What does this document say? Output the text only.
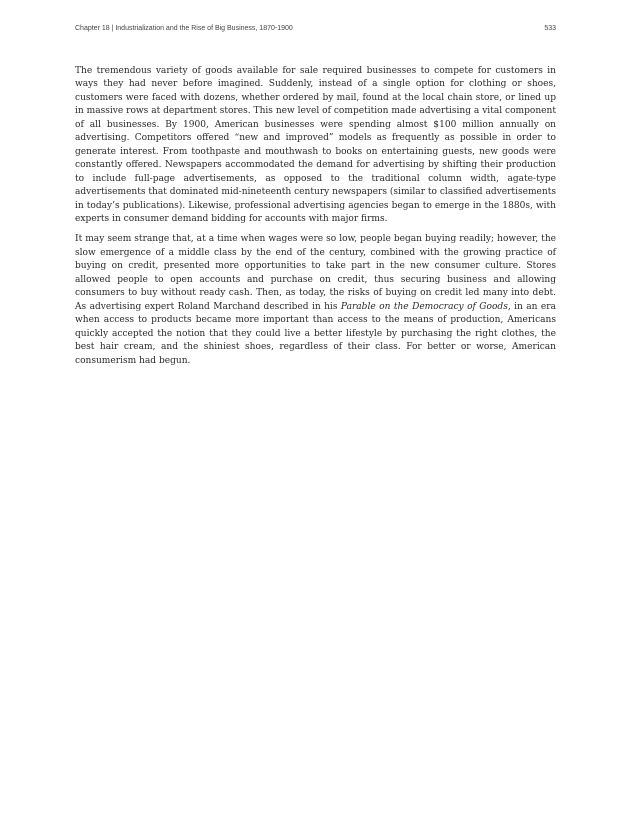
Chapter 18 | Industrialization and the Rise of Big Business, 1870-1900	533

The tremendous variety of goods available for sale required businesses to compete for customers in ways they had never before imagined. Suddenly, instead of a single option for clothing or shoes, customers were faced with dozens, whether ordered by mail, found at the local chain store, or lined up in massive rows at department stores. This new level of competition made advertising a vital component of all businesses. By 1900, American businesses were spending almost $100 million annually on advertising. Competitors offered “new and improved” models as frequently as possible in order to generate interest. From toothpaste and mouthwash to books on entertaining guests, new goods were constantly offered. Newspapers accommodated the demand for advertising by shifting their production to include full-page advertisements, as opposed to the traditional column width, agate-type advertisements that dominated mid-nineteenth century newspapers (similar to classified advertisements in today’s publications). Likewise, professional advertising agencies began to emerge in the 1880s, with experts in consumer demand bidding for accounts with major firms.

It may seem strange that, at a time when wages were so low, people began buying readily; however, the slow emergence of a middle class by the end of the century, combined with the growing practice of buying on credit, presented more opportunities to take part in the new consumer culture. Stores allowed people to open accounts and purchase on credit, thus securing business and allowing consumers to buy without ready cash. Then, as today, the risks of buying on credit led many into debt. As advertising expert Roland Marchand described in his Parable on the Democracy of Goods, in an era when access to products became more important than access to the means of production, Americans quickly accepted the notion that they could live a better lifestyle by purchasing the right clothes, the best hair cream, and the shiniest shoes, regardless of their class. For better or worse, American consumerism had begun.
